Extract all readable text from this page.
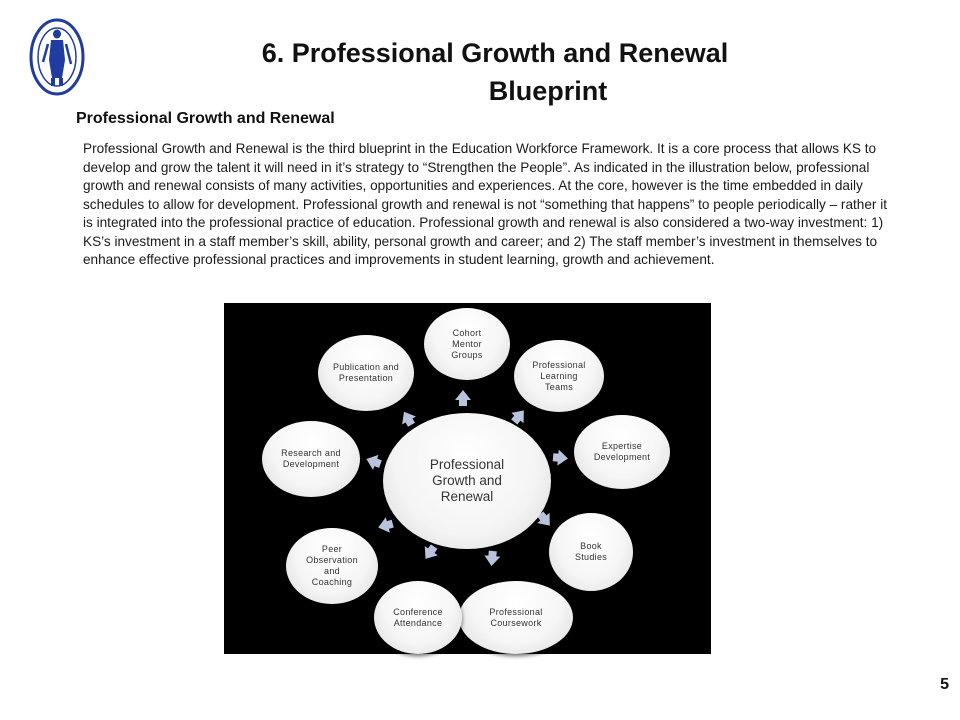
6. Professional Growth and Renewal
Blueprint
Professional Growth and Renewal

Professional Growth and Renewal is the third blueprint in the Education Workforce Framework. It is a core process that allows KS to develop and grow the talent it will need in it’s strategy to “Strengthen the People”. As indicated in the illustration below, professional growth and renewal consists of many activities, opportunities and experiences. At the core, however is the time embedded in daily schedules to allow for development. Professional growth and renewal is not “something that happens” to people periodically – rather it is integrated into the professional practice of education. Professional growth and renewal is also considered a two-way investment: 1) KS’s investment in a staff member’s skill, ability, personal growth and career; and 2) The staff member’s investment in themselves to enhance effective professional practices and improvements in student learning, growth and achievement.

Professional Growth and Renewal
Cohort Mentor Groups
Professional Learning Teams
Expertise Development
Book Studies
Professional Coursework
Conference Attendance
Peer Observation and Coaching
Research and Development
Publication and Presentation
5
